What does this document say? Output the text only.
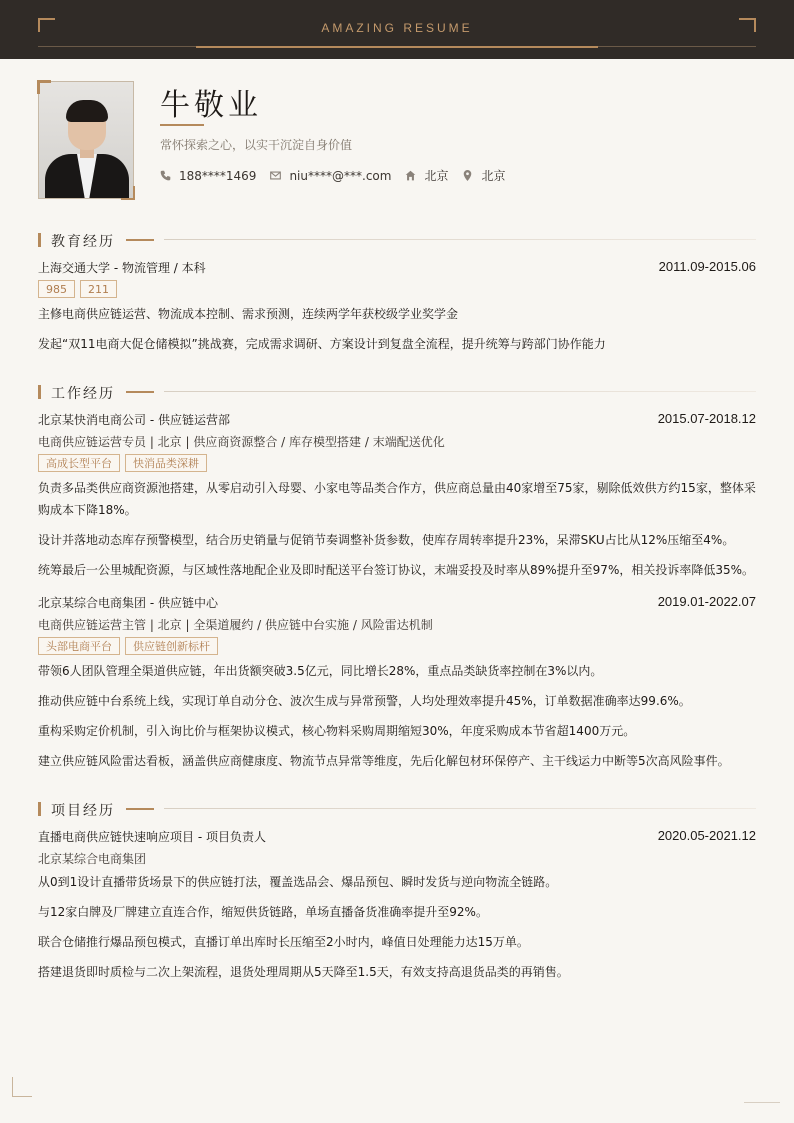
AMAZING RESUME
牛敬业
常怀探索之心，以实干沉淀自身价值
188****1469	niu****@***.com	北京	北京
教育经历
上海交通大学 - 物流管理 / 本科	2011.09-2015.06
985	211
主修电商供应链运营、物流成本控制、需求预测，连续两学年获校级学业奖学金
发起“双11电商大促仓储模拟”挑战赛，完成需求调研、方案设计到复盘全流程，提升统筹与跨部门协作能力
工作经历
北京某快消电商公司 - 供应链运营部	2015.07-2018.12
电商供应链运营专员 | 北京 | 供应商资源整合 / 库存模型搭建 / 末端配送优化
高成长型平台	快消品类深耕
负责多品类供应商资源池搭建，从零启动引入母婴、小家电等品类合作方，供应商总量由40家增至75家，剔除低效供方约15家，整体采购成本下降18%。
设计并落地动态库存预警模型，结合历史销量与促销节奏调整补货参数，使库存周转率提升23%，呆滞SKU占比从12%压缩至4%。
统筹最后一公里城配资源，与区域性落地配企业及即时配送平台签订协议，末端妥投及时率从89%提升至97%，相关投诉率降低35%。
北京某综合电商集团 - 供应链中心	2019.01-2022.07
电商供应链运营主管 | 北京 | 全渠道履约 / 供应链中台实施 / 风险雷达机制
头部电商平台	供应链创新标杆
带领6人团队管理全渠道供应链，年出货额突破3.5亿元，同比增长28%，重点品类缺货率控制在3%以内。
推动供应链中台系统上线，实现订单自动分仓、波次生成与异常预警，人均处理效率提升45%，订单数据准确率达99.6%。
重构采购定价机制，引入询比价与框架协议模式，核心物料采购周期缩短30%，年度采购成本节省超1400万元。
建立供应链风险雷达看板，涵盖供应商健康度、物流节点异常等维度，先后化解包材环保停产、主干线运力中断等5次高风险事件。
项目经历
直播电商供应链快速响应项目 - 项目负责人	2020.05-2021.12
北京某综合电商集团
从0到1设计直播带货场景下的供应链打法，覆盖选品会、爆品预包、瞬时发货与逆向物流全链路。
与12家白牌及厂牌建立直连合作，缩短供货链路，单场直播备货准确率提升至92%。
联合仓储推行爆品预包模式，直播订单出库时长压缩至2小时内，峰值日处理能力达15万单。
搭建退货即时质检与二次上架流程，退货处理周期从5天降至1.5天，有效支持高退货品类的再销售。
